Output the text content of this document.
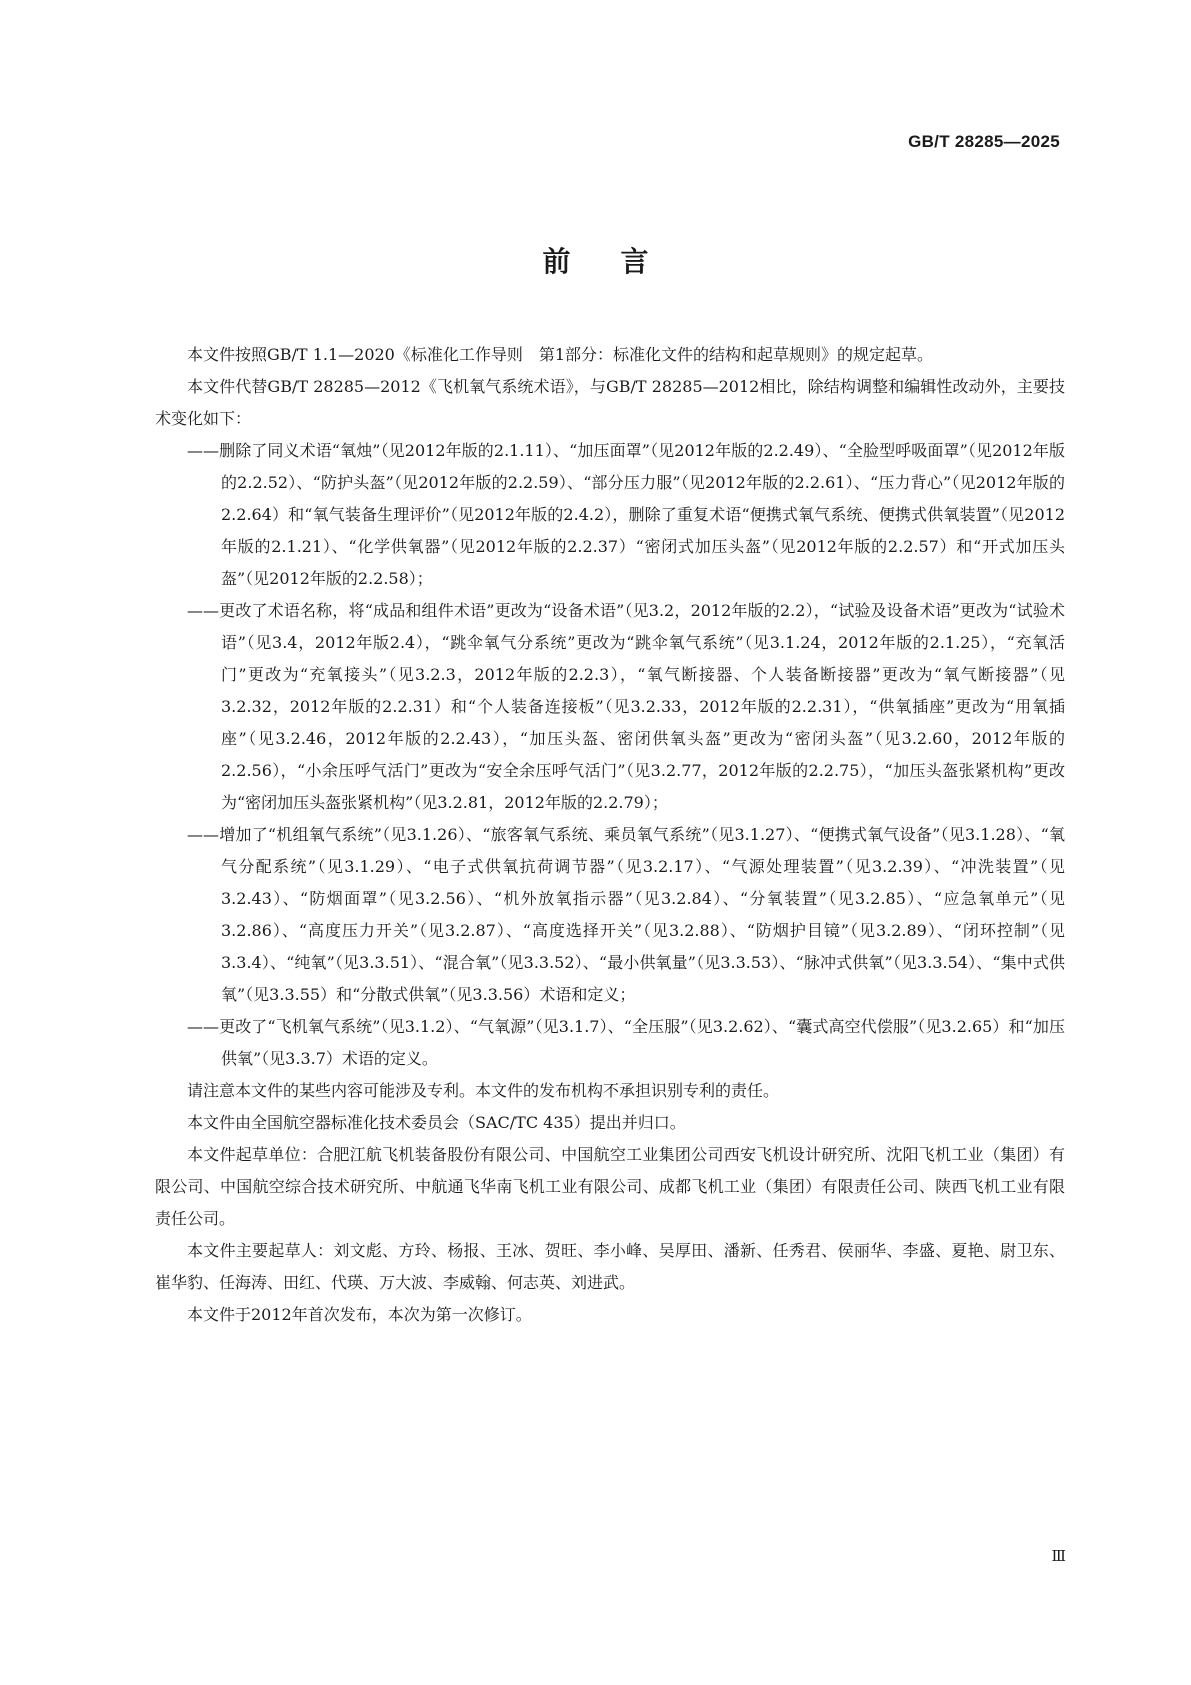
GB/T 28285—2025
前言

本文件按照GB/T 1.1—2020《标准化工作导则　第1部分：标准化文件的结构和起草规则》的规定起草。

本文件代替GB/T 28285—2012《飞机氧气系统术语》，与GB/T 28285—2012相比，除结构调整和编辑性改动外，主要技术变化如下：

——删除了同义术语“氧烛”（见2012年版的2.1.11）、“加压面罩”（见2012年版的2.2.49）、“全脸型呼吸面罩”（见2012年版的2.2.52）、“防护头盔”（见2012年版的2.2.59）、“部分压力服”（见2012年版的2.2.61）、“压力背心”（见2012年版的2.2.64）和“氧气装备生理评价”（见2012年版的2.4.2），删除了重复术语“便携式氧气系统、便携式供氧装置”（见2012年版的2.1.21）、“化学供氧器”（见2012年版的2.2.37）“密闭式加压头盔”（见2012年版的2.2.57）和“开式加压头盔”（见2012年版的2.2.58）；

——更改了术语名称，将“成品和组件术语”更改为“设备术语”（见3.2，2012年版的2.2），“试验及设备术语”更改为“试验术语”（见3.4，2012年版2.4），“跳伞氧气分系统”更改为“跳伞氧气系统”（见3.1.24，2012年版的2.1.25），“充氧活门”更改为“充氧接头”（见3.2.3，2012年版的2.2.3），“氧气断接器、个人装备断接器”更改为“氧气断接器”（见3.2.32，2012年版的2.2.31）和“个人装备连接板”（见3.2.33，2012年版的2.2.31），“供氧插座”更改为“用氧插座”（见3.2.46，2012年版的2.2.43），“加压头盔、密闭供氧头盔”更改为“密闭头盔”（见3.2.60，2012年版的2.2.56），“小余压呼气活门”更改为“安全余压呼气活门”（见3.2.77，2012年版的2.2.75），“加压头盔张紧机构”更改为“密闭加压头盔张紧机构”（见3.2.81，2012年版的2.2.79）；

——增加了“机组氧气系统”（见3.1.26）、“旅客氧气系统、乘员氧气系统”（见3.1.27）、“便携式氧气设备”（见3.1.28）、“氧气分配系统”（见3.1.29）、“电子式供氧抗荷调节器”（见3.2.17）、“气源处理装置”（见3.2.39）、“冲洗装置”（见3.2.43）、“防烟面罩”（见3.2.56）、“机外放氧指示器”（见3.2.84）、“分氧装置”（见3.2.85）、“应急氧单元”（见3.2.86）、“高度压力开关”（见3.2.87）、“高度选择开关”（见3.2.88）、“防烟护目镜”（见3.2.89）、“闭环控制”（见3.3.4）、“纯氧”（见3.3.51）、“混合氧”（见3.3.52）、“最小供氧量”（见3.3.53）、“脉冲式供氧”（见3.3.54）、“集中式供氧”（见3.3.55）和“分散式供氧”（见3.3.56）术语和定义；

——更改了“飞机氧气系统”（见3.1.2）、“气氧源”（见3.1.7）、“全压服”（见3.2.62）、“囊式高空代偿服”（见3.2.65）和“加压供氧”（见3.3.7）术语的定义。

请注意本文件的某些内容可能涉及专利。本文件的发布机构不承担识别专利的责任。

本文件由全国航空器标准化技术委员会（SAC/TC 435）提出并归口。

本文件起草单位：合肥江航飞机装备股份有限公司、中国航空工业集团公司西安飞机设计研究所、沈阳飞机工业（集团）有限公司、中国航空综合技术研究所、中航通飞华南飞机工业有限公司、成都飞机工业（集团）有限责任公司、陕西飞机工业有限责任公司。

本文件主要起草人：刘文彪、方玲、杨报、王冰、贺旺、李小峰、吴厚田、潘新、任秀君、侯丽华、李盛、夏艳、尉卫东、崔华豹、任海涛、田红、代瑛、万大波、李威翰、何志英、刘进武。

本文件于2012年首次发布，本次为第一次修订。

Ⅲ
